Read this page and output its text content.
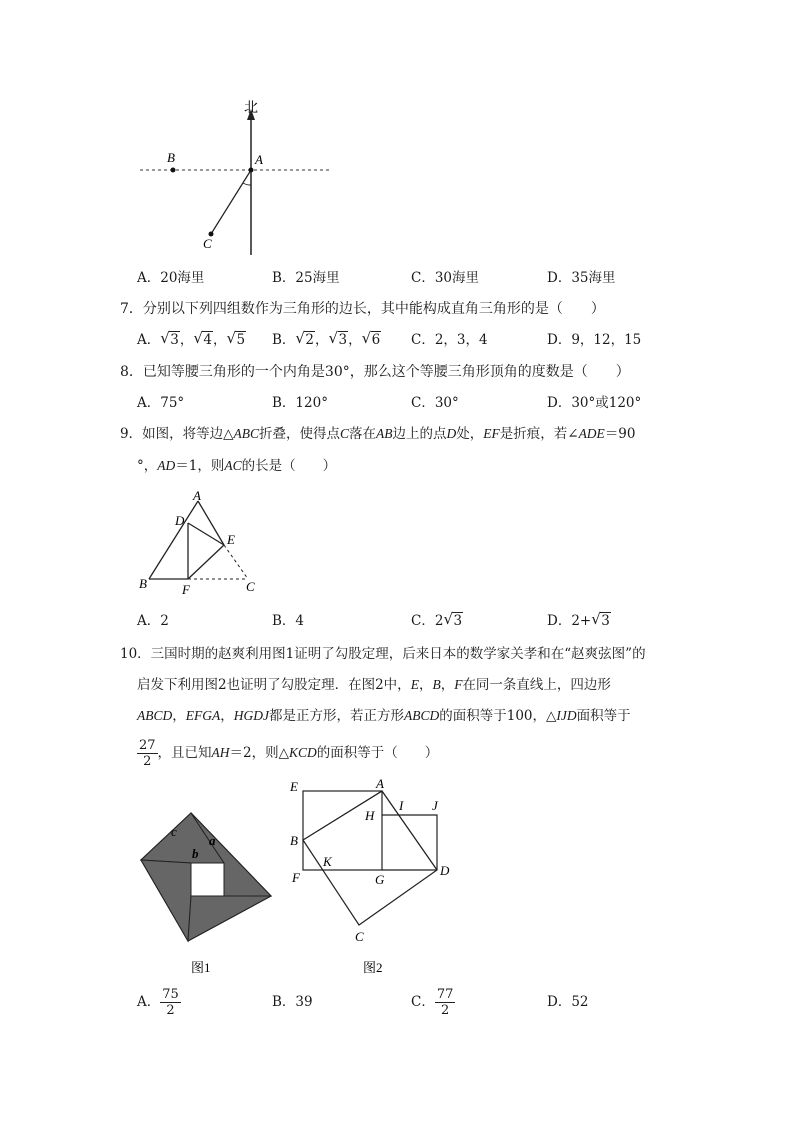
北
A
B
C
A．20海里	B．25海里	C．30海里	D．35海里
7．分别以下列四组数作为三角形的边长，其中能构成直角三角形的是（　　）
A． √ 3， √ 4， √ 5 B． √ 2， √ 3， √ 6 C．2，3，4	D．9，12，15
8．已知等腰三角形的一个内角是30°，那么这个等腰三角形顶角的度数是（　　）
A．75°	B．120°	C．30°	D．30°或120°
9．如图，将等边△ABC折叠，使得点C落在AB边上的点D处，EF是折痕，若∠ADE＝90
°，AD＝1，则AC的长是（　　）
A
D
E
B	F	C
A．2	B．4	C．2 √ 3	D．2+ √ 3
10．三国时期的赵爽利用图1证明了勾股定理，后来日本的数学家关孝和在“赵爽弦图”的
启发下利用图2也证明了勾股定理．在图2中，E，B，F在同一条直线上，四边形
ABCD，EFGA，HGDJ都是正方形，若正方形ABCD的面积等于100，△IJD面积等于
$\frac{27}{2}$ ，且已知 AH ＝2，则△ KCD 的面积等于（　　）
c
a
b
图1
E	A
I J
H
B
K
F	G
D
C
图2
A． $\frac{75}{2}$	B．39	C． $\frac{77}{2}$	D．52
